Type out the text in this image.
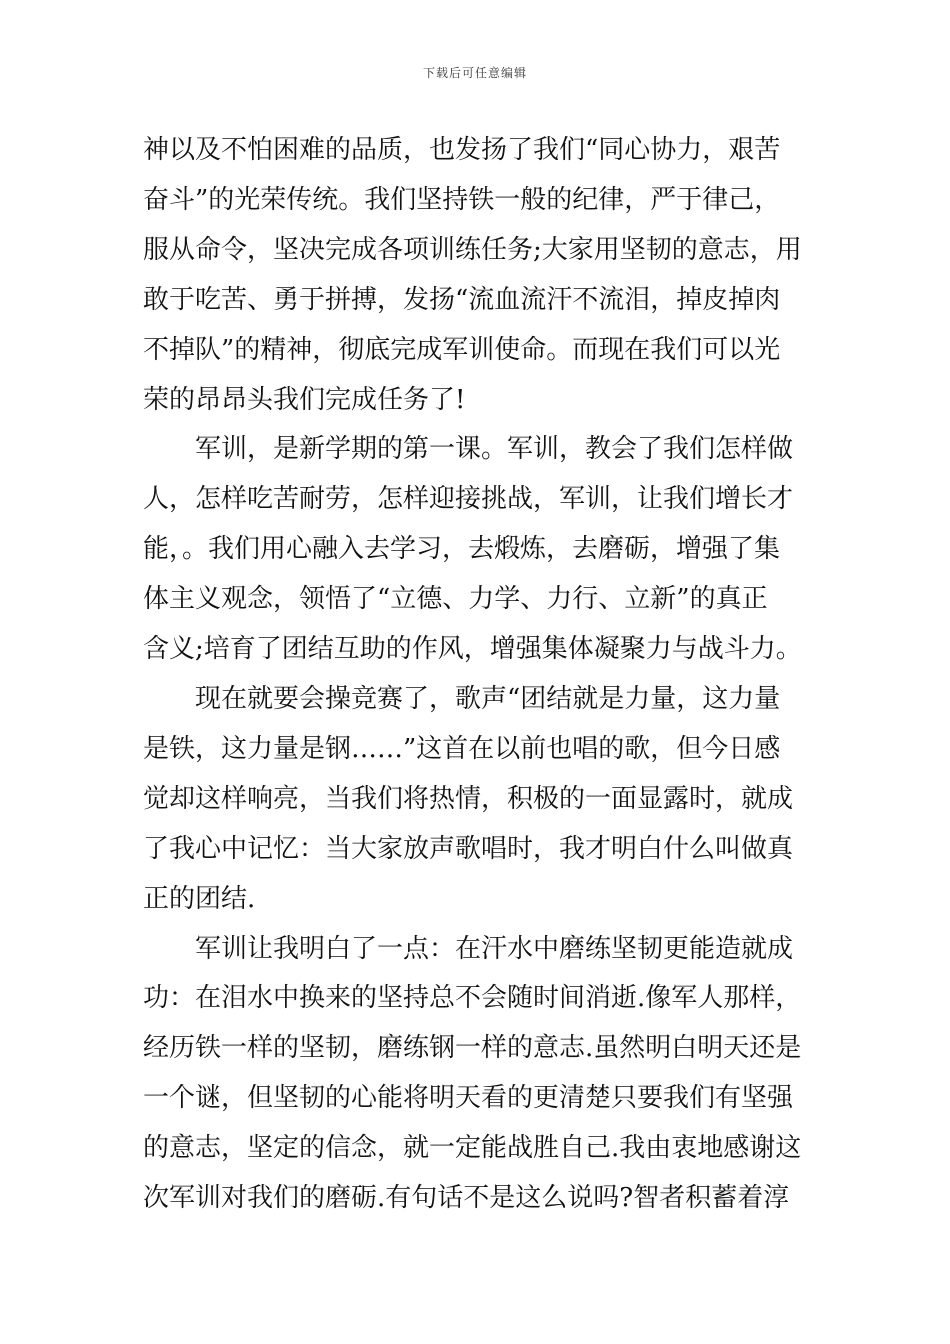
下载后可任意编辑
神以及不怕困难的品质，也发扬了我们“同心协力，艰苦
奋斗”的光荣传统。我们坚持铁一般的纪律，严于律己，
服从命令，坚决完成各项训练任务;大家用坚韧的意志，用
敢于吃苦、勇于拼搏，发扬“流血流汗不流泪，掉皮掉肉
不掉队”的精神，彻底完成军训使命。而现在我们可以光
荣的昂昂头我们完成任务了!
军训，是新学期的第一课。军训，教会了我们怎样做
人，怎样吃苦耐劳，怎样迎接挑战，军训，让我们增长才
能，。我们用心融入去学习，去煅炼，去磨砺，增强了集
体主义观念，领悟了“立德、力学、力行、立新”的真正
含义;培育了团结互助的作风，增强集体凝聚力与战斗力。
现在就要会操竞赛了，歌声“团结就是力量，这力量
是铁，这力量是钢……”这首在以前也唱的歌，但今日感
觉却这样响亮，当我们将热情，积极的一面显露时，就成
了我心中记忆：当大家放声歌唱时，我才明白什么叫做真
正的团结.
军训让我明白了一点：在汗水中磨练坚韧更能造就成
功：在泪水中换来的坚持总不会随时间消逝.像军人那样，
经历铁一样的坚韧，磨练钢一样的意志.虽然明白明天还是
一个谜，但坚韧的心能将明天看的更清楚只要我们有坚强
的意志，坚定的信念，就一定能战胜自己.我由衷地感谢这
次军训对我们的磨砺.有句话不是这么说吗?智者积蓄着淳
